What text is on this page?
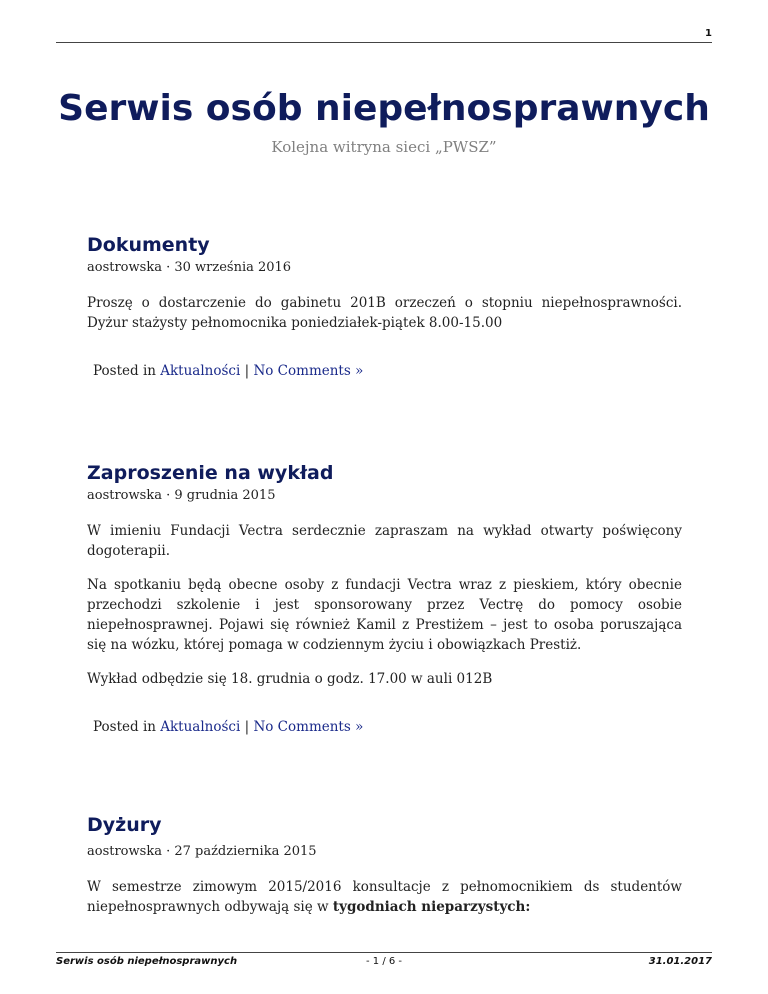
1
Serwis osób niepełnosprawnych

Kolejna witryna sieci „PWSZ”

Dokumenty
aostrowska · 30 września 2016

Proszę o dostarczenie do gabinetu 201B orzeczeń o stopniu niepełnosprawności. Dyżur stażysty pełnomocnika poniedziałek-piątek 8.00-15.00

Posted in Aktualności | No Comments »
Zaproszenie na wykład
aostrowska · 9 grudnia 2015

W imieniu Fundacji Vectra serdecznie zapraszam na wykład otwarty poświęcony dogoterapii.

Na spotkaniu będą obecne osoby z fundacji Vectra wraz z pieskiem, który obecnie przechodzi szkolenie i jest sponsorowany przez Vectrę do pomocy osobie niepełnosprawnej. Pojawi się również Kamil z Prestiżem – jest to osoba poruszająca się na wózku, której pomaga w codziennym życiu i obowiązkach Prestiż.

Wykład odbędzie się 18. grudnia o godz. 17.00 w auli 012B

Posted in Aktualności | No Comments »
Dyżury
aostrowska · 27 października 2015

W semestrze zimowym 2015/2016 konsultacje z pełnomocnikiem ds studentów niepełnosprawnych odbywają się w tygodniach nieparzystych:

Serwis osób niepełnosprawnych	- 1 / 6 -	31.01.2017
